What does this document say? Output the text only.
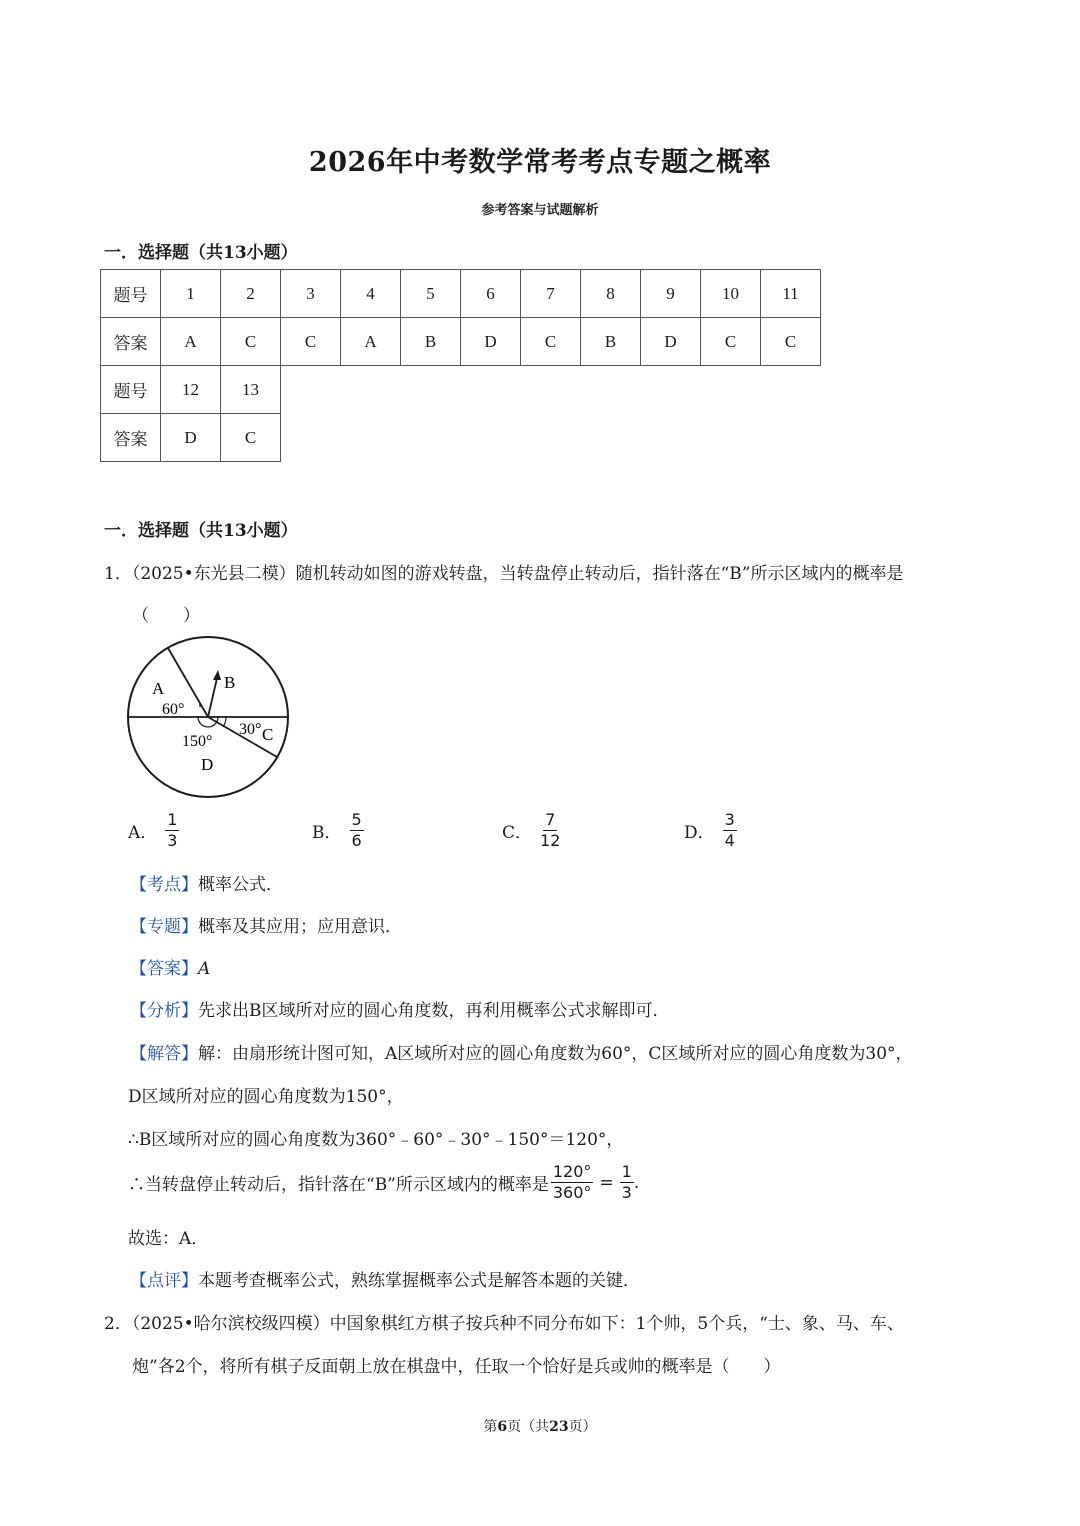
2026年中考数学常考考点专题之概率
参考答案与试题解析
一．选择题（共13小题）
题号	1	2	3	4	5	6	7	8	9	10	11
答案	A	C	C	A	B	D	C	B	D	C	C
题号	12	13									
答案	D	C									
一．选择题（共13小题）
1．（2025•东光县二模）随机转动如图的游戏转盘，当转盘停止转动后，指针落在“B”所示区域内的概率是
（　　）
A	B
C
D
60°
30°
150°
A． $\frac{1}{3}$	B． $\frac{5}{6}$	C． $\frac{7}{12}$	D． $\frac{3}{4}$
【考点】概率公式．
【专题】概率及其应用；应用意识．
【答案】A
【分析】先求出B区域所对应的圆心角度数，再利用概率公式求解即可．
【解答】解：由扇形统计图可知，A区域所对应的圆心角度数为60°，C区域所对应的圆心角度数为30°，
D区域所对应的圆心角度数为150°，
∴B区域所对应的圆心角度数为360°﹣60°﹣30°﹣150°＝120°，
∴当转盘停止转动后，指针落在“B”所示区域内的概率是 $\frac{120^\circ}{360^\circ} = \frac{1}{3}$ .
故选：A．
【点评】本题考查概率公式，熟练掌握概率公式是解答本题的关键．
2．（2025•哈尔滨校级四模）中国象棋红方棋子按兵种不同分布如下：1个帅，5个兵，“士、象、马、车、
炮”各2个，将所有棋子反面朝上放在棋盘中，任取一个恰好是兵或帅的概率是（　　）
第6页（共23页）
